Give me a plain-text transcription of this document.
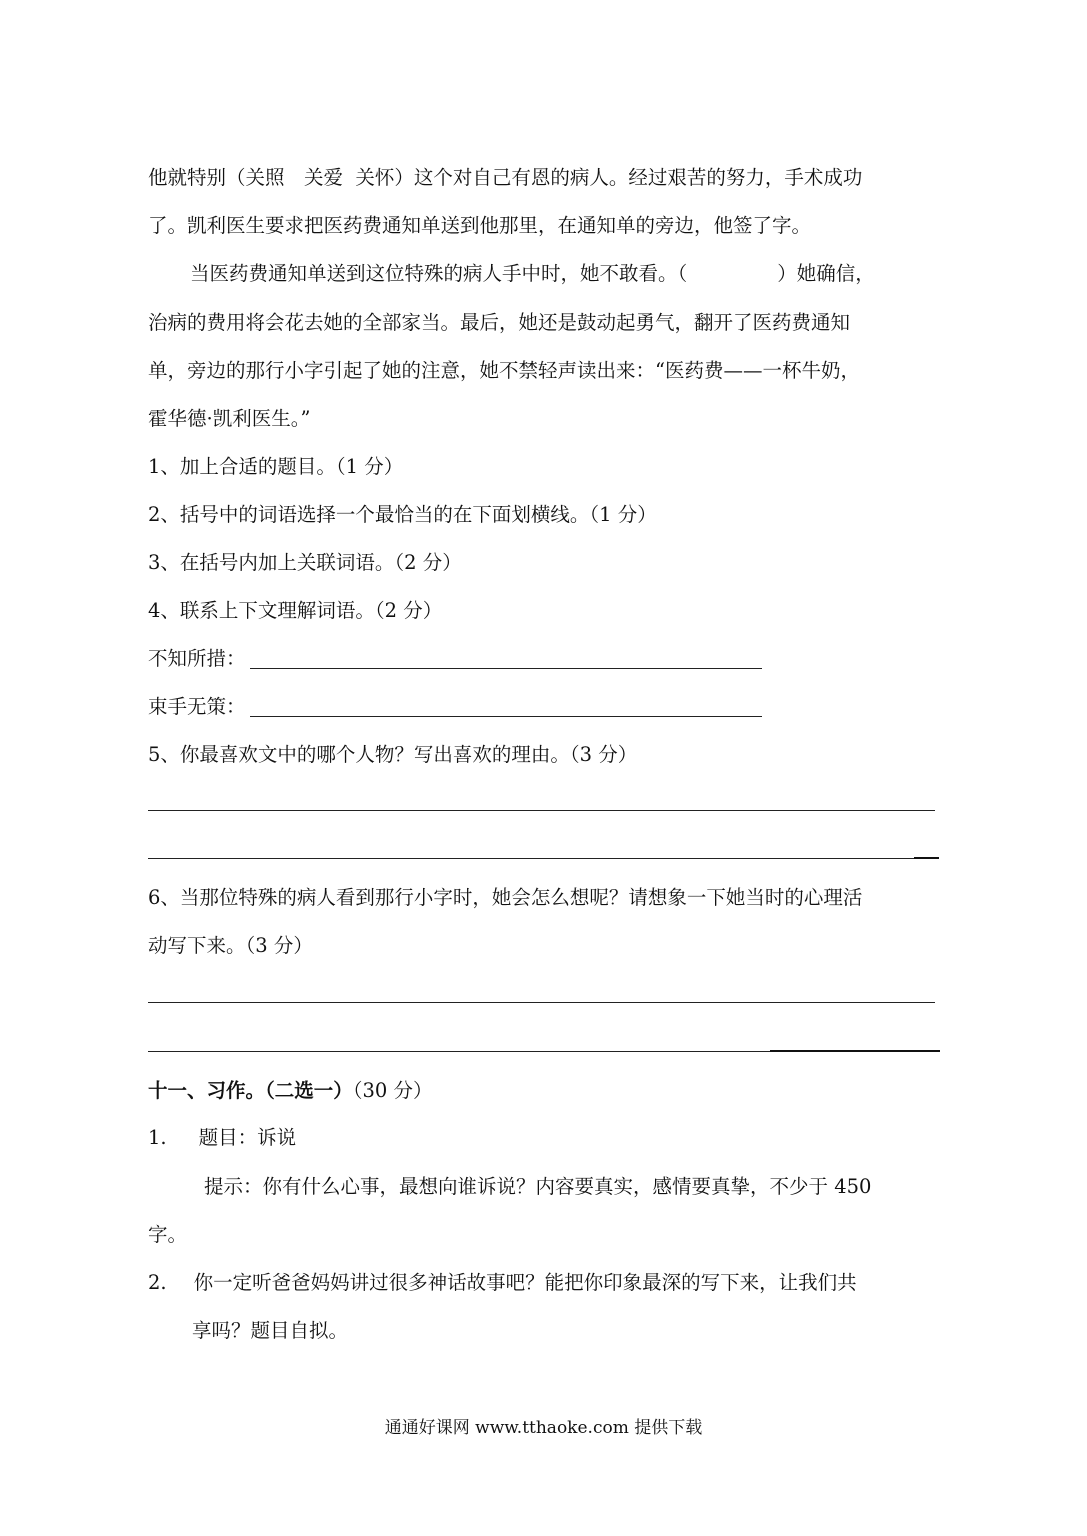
他就特别（关照　关爱  关怀）这个对自己有恩的病人。经过艰苦的努力，手术成功
了。凯利医生要求把医药费通知单送到他那里，在通知单的旁边，他签了字。
当医药费通知单送到这位特殊的病人手中时，她不敢看。（	）她确信，
治病的费用将会花去她的全部家当。最后，她还是鼓动起勇气，翻开了医药费通知
单，旁边的那行小字引起了她的注意，她不禁轻声读出来：“医药费——一杯牛奶，
霍华德·凯利医生。”
1、加上合适的题目。（1 分）
2、括号中的词语选择一个最恰当的在下面划横线。（1 分）
3、在括号内加上关联词语。（2 分）
4、联系上下文理解词语。（2 分）
不知所措：
束手无策：
5、你最喜欢文中的哪个人物？写出喜欢的理由。（3 分）
6、当那位特殊的病人看到那行小字时，她会怎么想呢？请想象一下她当时的心理活
动写下来。（3 分）
十一、习作。（二选一）（30 分）
1. 题目：诉说
提示：你有什么心事，最想向谁诉说？内容要真实，感情要真挚，不少于 450
字。
2. 你一定听爸爸妈妈讲过很多神话故事吧？能把你印象最深的写下来，让我们共
享吗？题目自拟。
通通好课网 www.tthaoke.com 提供下载
